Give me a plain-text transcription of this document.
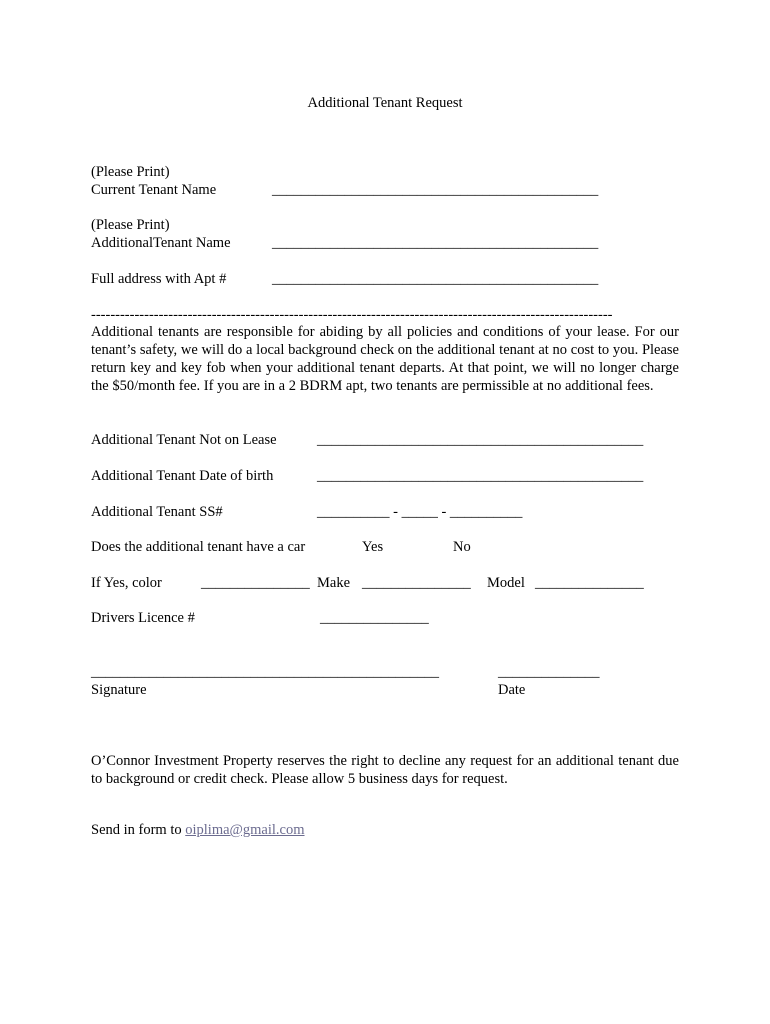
Additional Tenant Request
(Please Print)
Current Tenant Name	_____________________________________________
(Please Print)
AdditionalTenant Name	_____________________________________________
Full address with Apt #	_____________________________________________
------------------------------------------------------------------------------------------------------------
Additional tenants are responsible for abiding by all policies and conditions of your lease. For our tenant’s safety, we will do a local background check on the additional tenant at no cost to you. Please return key and key fob when your additional tenant departs. At that point, we will no longer charge the $50/month fee. If you are in a 2 BDRM apt, two tenants are permissible at no additional fees.
Additional Tenant Not on Lease	_____________________________________________
Additional Tenant Date of birth	_____________________________________________
Additional Tenant SS#	__________ - _____ - __________
Does the additional tenant have a car	Yes	No
If Yes, color	_______________ Make _______________ Model _______________
Drivers Licence #	_______________
________________________________________________
Signature
______________
Date
O’Connor Investment Property reserves the right to decline any request for an additional tenant due to background or credit check. Please allow 5 business days for request.
Send in form to oiplima@gmail.com
